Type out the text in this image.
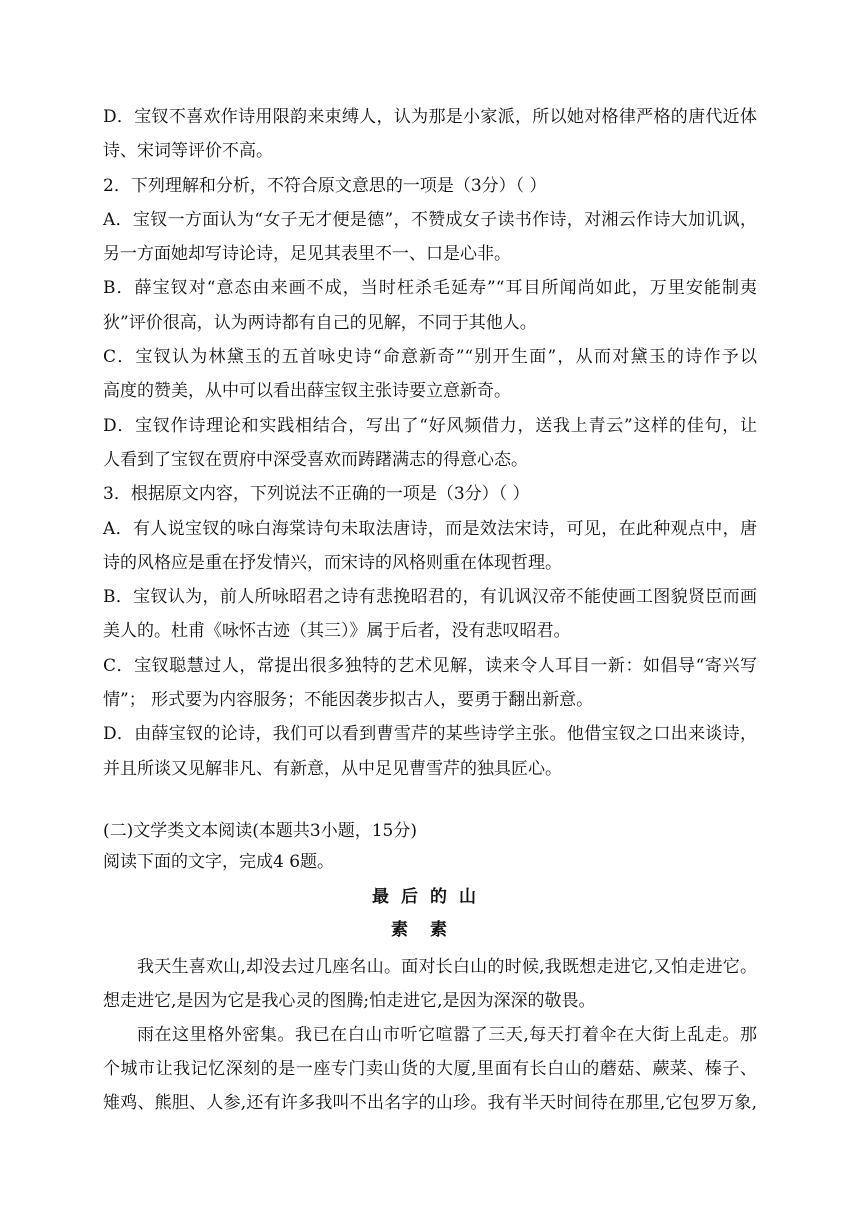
D．宝钗不喜欢作诗用限韵来束缚人，认为那是小家派，所以她对格律严格的唐代近体
诗、宋词等评价不高。
2．下列理解和分析，不符合原文意思的一项是（3分）（ ）
A．宝钗一方面认为“女子无才便是德”，不赞成女子读书作诗，对湘云作诗大加讥讽，
另一方面她却写诗论诗，足见其表里不一、口是心非。
B．薛宝钗对“意态由来画不成，当时枉杀毛延寿”“耳目所闻尚如此，万里安能制夷
狄”评价很高，认为两诗都有自己的见解，不同于其他人。
C．宝钗认为林黛玉的五首咏史诗“命意新奇”“别开生面”，从而对黛玉的诗作予以
高度的赞美，从中可以看出薛宝钗主张诗要立意新奇。
D．宝钗作诗理论和实践相结合，写出了“好风频借力，送我上青云”这样的佳句，让
人看到了宝钗在贾府中深受喜欢而踌躇满志的得意心态。
3．根据原文内容，下列说法不正确的一项是（3分）（ ）
A．有人说宝钗的咏白海棠诗句未取法唐诗，而是效法宋诗，可见，在此种观点中，唐
诗的风格应是重在抒发情兴，而宋诗的风格则重在体现哲理。
B．宝钗认为，前人所咏昭君之诗有悲挽昭君的，有讥讽汉帝不能使画工图貌贤臣而画
美人的。杜甫《咏怀古迹（其三）》属于后者，没有悲叹昭君。
C．宝钗聪慧过人，常提出很多独特的艺术见解，读来令人耳目一新：如倡导“寄兴写
情”； 形式要为内容服务；不能因袭步拟古人，要勇于翻出新意。
D．由薛宝钗的论诗，我们可以看到曹雪芹的某些诗学主张。他借宝钗之口出来谈诗，
并且所谈又见解非凡、有新意，从中足见曹雪芹的独具匠心。
(二)文学类文本阅读(本题共3小题，15分)
阅读下面的文字，完成4 6题。
最后的山
素素
我天生喜欢山,却没去过几座名山。面对长白山的时候,我既想走进它,又怕走进它。
想走进它,是因为它是我心灵的图腾;怕走进它,是因为深深的敬畏。
雨在这里格外密集。我已在白山市听它喧嚣了三天,每天打着伞在大街上乱走。那
个城市让我记忆深刻的是一座专门卖山货的大厦,里面有长白山的蘑菇、蕨菜、榛子、
雉鸡、熊胆、人参,还有许多我叫不出名字的山珍。我有半天时间待在那里,它包罗万象,
